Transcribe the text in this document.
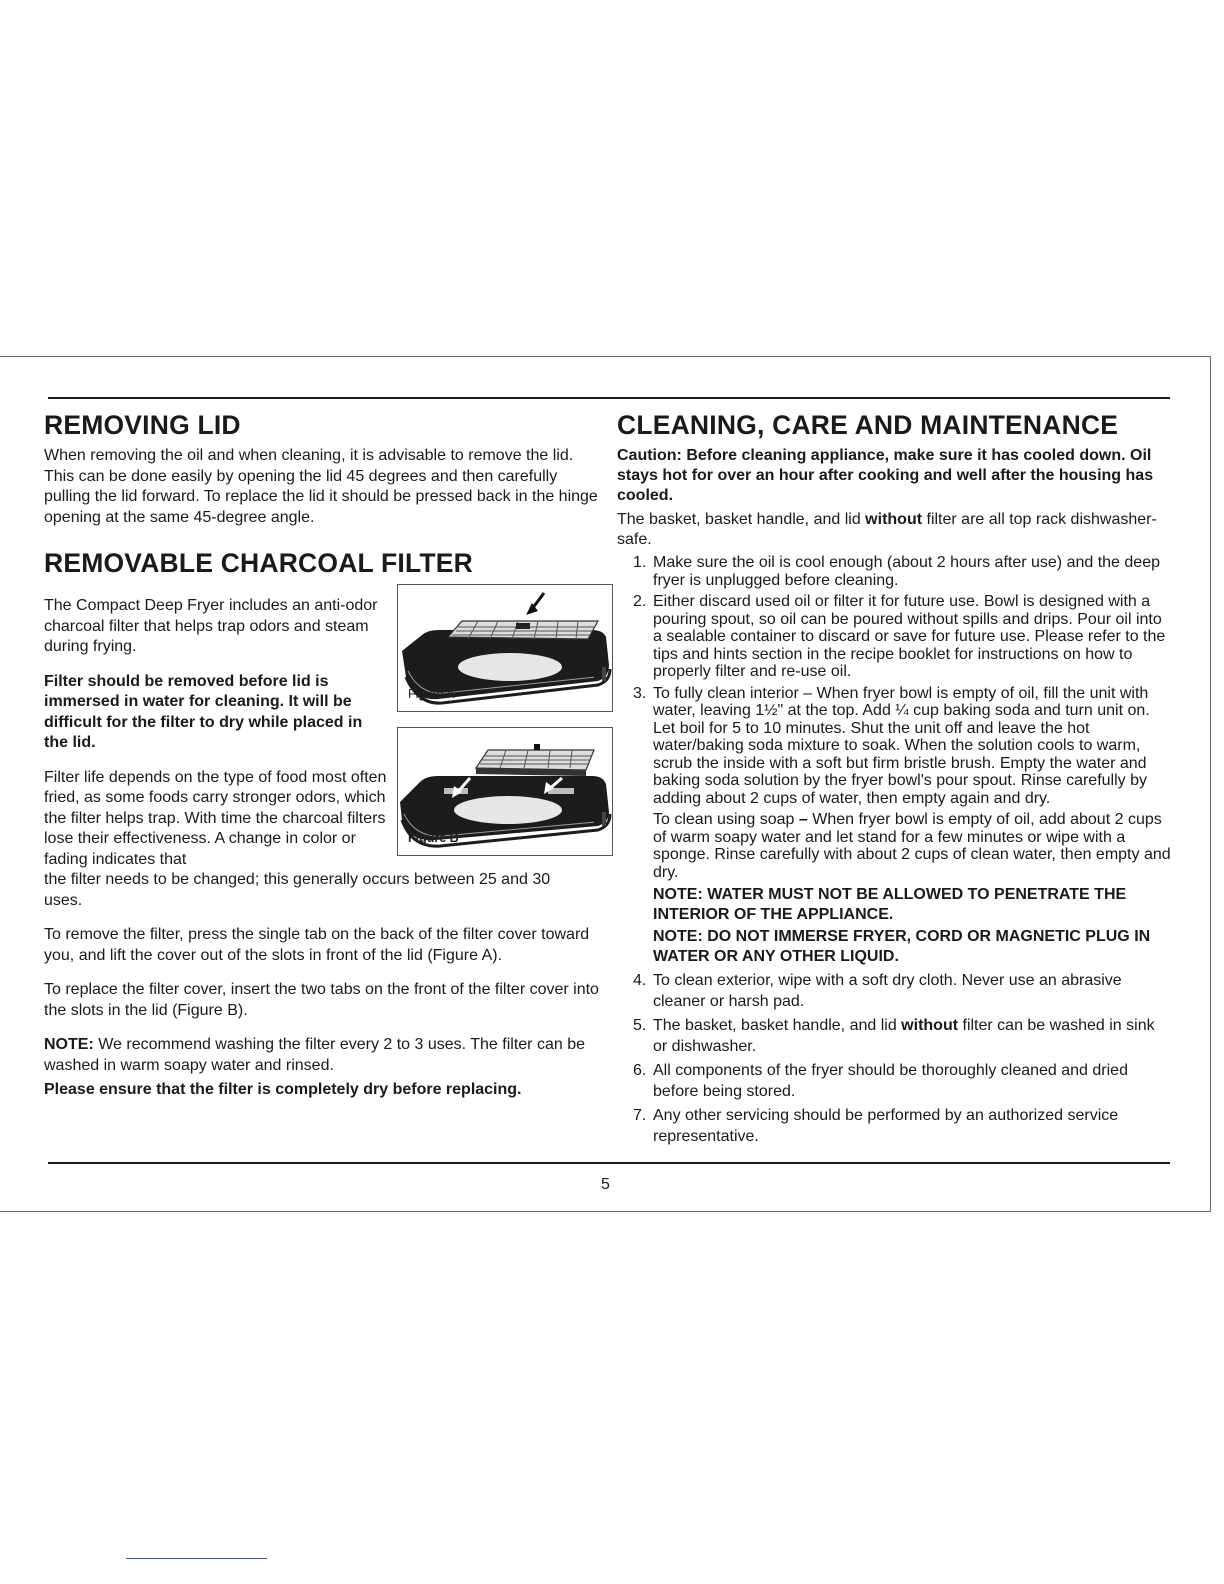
REMOVING LID

When removing the oil and when cleaning, it is advisable to remove the lid. This can be done easily by opening the lid 45 degrees and then carefully pulling the lid forward. To replace the lid it should be pressed back in the hinge opening at the same 45-degree angle.

REMOVABLE CHARCOAL FILTER

The Compact Deep Fryer includes an anti-odor charcoal filter that helps trap odors and steam during frying.

Filter should be removed before lid is immersed in water for cleaning. It will be difficult for the filter to dry while placed in the lid.

Filter life depends on the type of food most often fried, as some foods carry stronger odors, which the filter helps trap. With time the charcoal filters lose their effectiveness. A change in color or fading indicates that

the filter needs to be changed; this generally occurs between 25 and 30 uses.

To remove the filter, press the single tab on the back of the filter cover toward you, and lift the cover out of the slots in front of the lid (Figure A).

To replace the filter cover, insert the two tabs on the front of the filter cover into the slots in the lid (Figure B).

NOTE: We recommend washing the filter every 2 to 3 uses. The filter can be washed in warm soapy water and rinsed.

Please ensure that the filter is completely dry before replacing.

Figure A
Figure B
CLEANING, CARE AND MAINTENANCE

Caution: Before cleaning appliance, make sure it has cooled down. Oil stays hot for over an hour after cooking and well after the housing has cooled.

The basket, basket handle, and lid without filter are all top rack dishwasher-safe.

1. Make sure the oil is cool enough (about 2 hours after use) and the deep fryer is unplugged before cleaning.
2. Either discard used oil or filter it for future use. Bowl is designed with a pouring spout, so oil can be poured without spills and drips. Pour oil into a sealable container to discard or save for future use. Please refer to the tips and hints section in the recipe booklet for instructions on how to properly filter and re-use oil.
3. To fully clean interior – When fryer bowl is empty of oil, fill the unit with water, leaving 1½" at the top. Add ¼ cup baking soda and turn unit on. Let boil for 5 to 10 minutes. Shut the unit off and leave the hot water/baking soda mixture to soak. When the solution cools to warm, scrub the inside with a soft but firm bristle brush. Empty the water and baking soda solution by the fryer bowl's pour spout. Rinse carefully by adding about 2 cups of water, then empty again and dry.

To clean using soap – When fryer bowl is empty of oil, add about 2 cups of warm soapy water and let stand for a few minutes or wipe with a sponge. Rinse carefully with about 2 cups of clean water, then empty and dry.

NOTE: WATER MUST NOT BE ALLOWED TO PENETRATE THE INTERIOR OF THE APPLIANCE.

NOTE: DO NOT IMMERSE FRYER, CORD OR MAGNETIC PLUG IN WATER OR ANY OTHER LIQUID.

4. To clean exterior, wipe with a soft dry cloth. Never use an abrasive cleaner or harsh pad.
5. The basket, basket handle, and lid without filter can be washed in sink or dishwasher.
6. All components of the fryer should be thoroughly cleaned and dried before being stored.
7. Any other servicing should be performed by an authorized service representative.
5
